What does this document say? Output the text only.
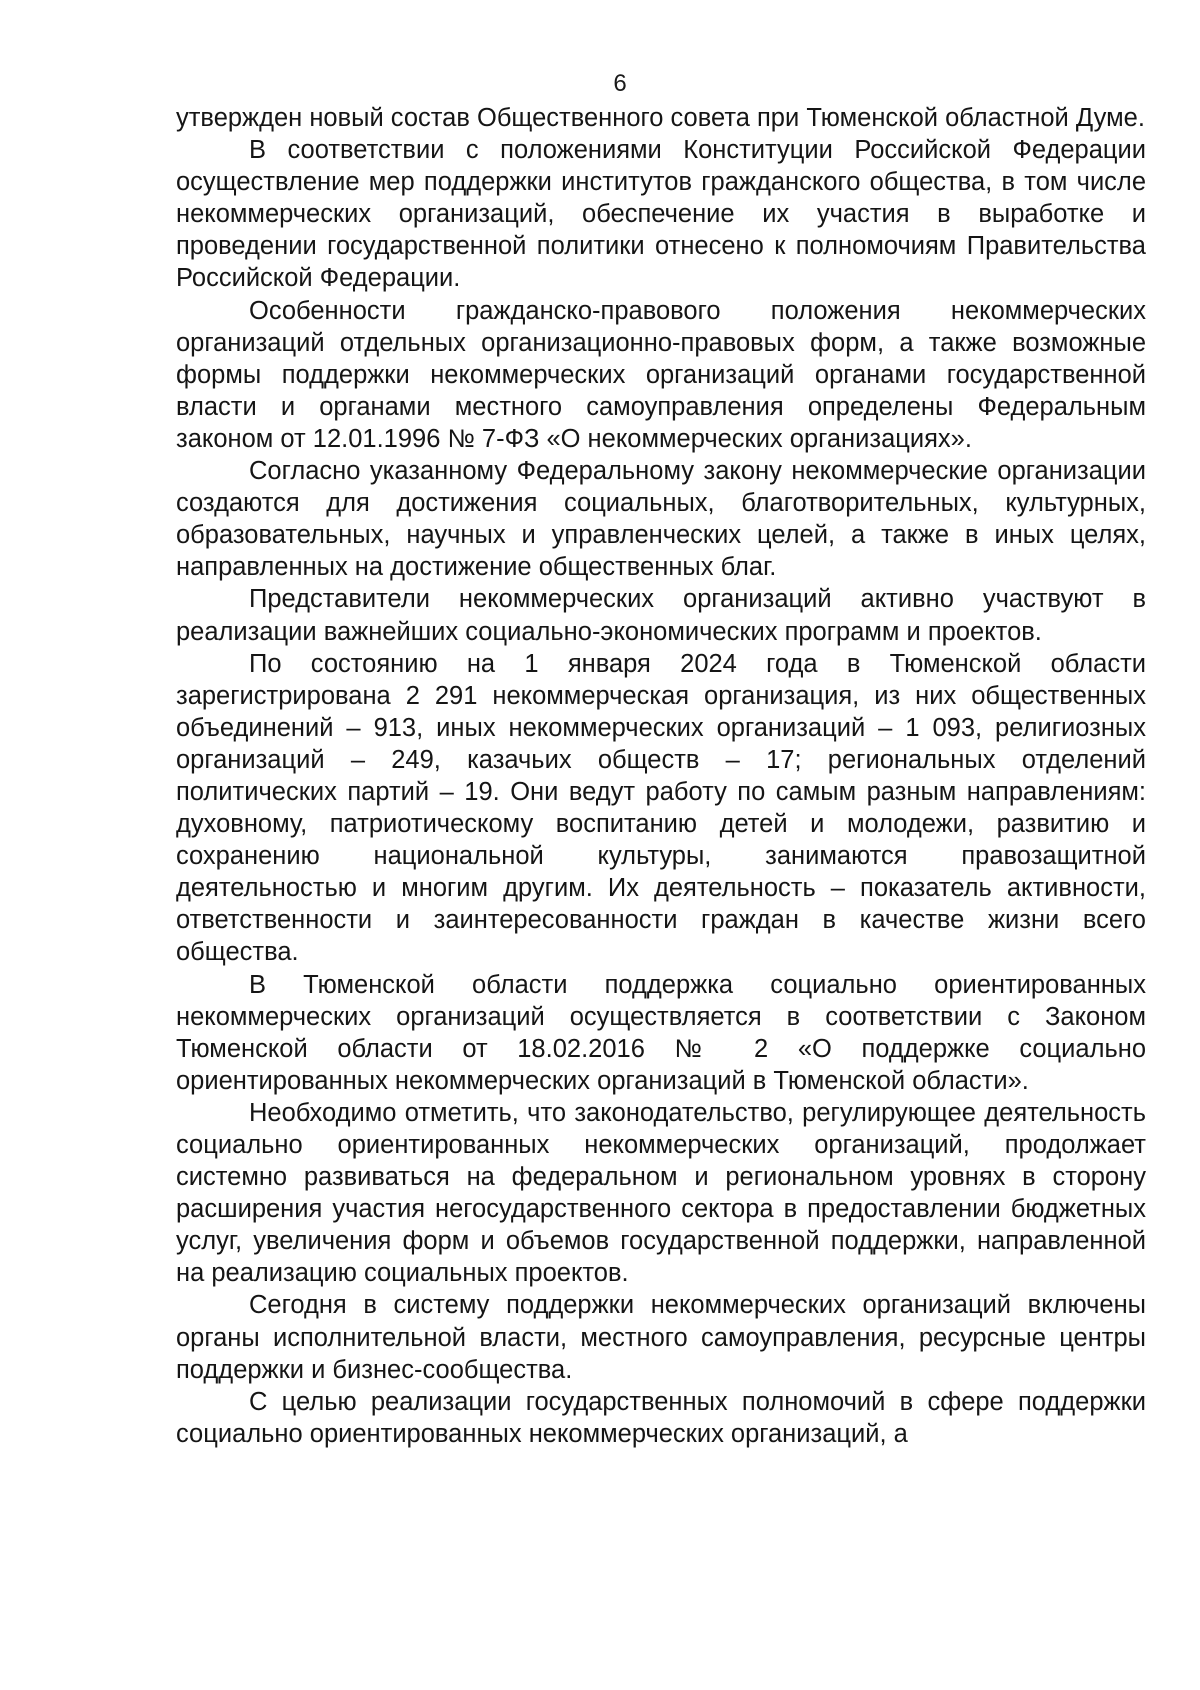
6

утвержден новый состав Общественного совета при Тюменской областной Думе.

В соответствии с положениями Конституции Российской Федерации осуществление мер поддержки институтов гражданского общества, в том числе некоммерческих организаций, обеспечение их участия в выработке и проведении государственной политики отнесено к полномочиям Правительства Российской Федерации.

Особенности гражданско-правового положения некоммерческих организаций отдельных организационно-правовых форм, а также возможные формы поддержки некоммерческих организаций органами государственной власти и органами местного самоуправления определены Федеральным законом от 12.01.1996 № 7-ФЗ «О некоммерческих организациях».

Согласно указанному Федеральному закону некоммерческие организации создаются для достижения социальных, благотворительных, культурных, образовательных, научных и управленческих целей, а также в иных целях, направленных на достижение общественных благ.

Представители некоммерческих организаций активно участвуют в реализации важнейших социально-экономических программ и проектов.

По состоянию на 1 января 2024 года в Тюменской области зарегистрирована 2 291 некоммерческая организация, из них общественных объединений – 913, иных некоммерческих организаций – 1 093, религиозных организаций – 249, казачьих обществ – 17; региональных отделений политических партий – 19. Они ведут работу по самым разным направлениям: духовному, патриотическому воспитанию детей и молодежи, развитию и сохранению национальной культуры, занимаются правозащитной деятельностью и многим другим. Их деятельность – показатель активности, ответственности и заинтересованности граждан в качестве жизни всего общества.

В Тюменской области поддержка социально ориентированных некоммерческих организаций осуществляется в соответствии с Законом Тюменской области от 18.02.2016 № 2 «О поддержке социально ориентированных некоммерческих организаций в Тюменской области».

Необходимо отметить, что законодательство, регулирующее деятельность социально ориентированных некоммерческих организаций, продолжает системно развиваться на федеральном и региональном уровнях в сторону расширения участия негосударственного сектора в предоставлении бюджетных услуг, увеличения форм и объемов государственной поддержки, направленной на реализацию социальных проектов.

Сегодня в систему поддержки некоммерческих организаций включены органы исполнительной власти, местного самоуправления, ресурсные центры поддержки и бизнес-сообщества.

С целью реализации государственных полномочий в сфере поддержки социально ориентированных некоммерческих организаций, а
